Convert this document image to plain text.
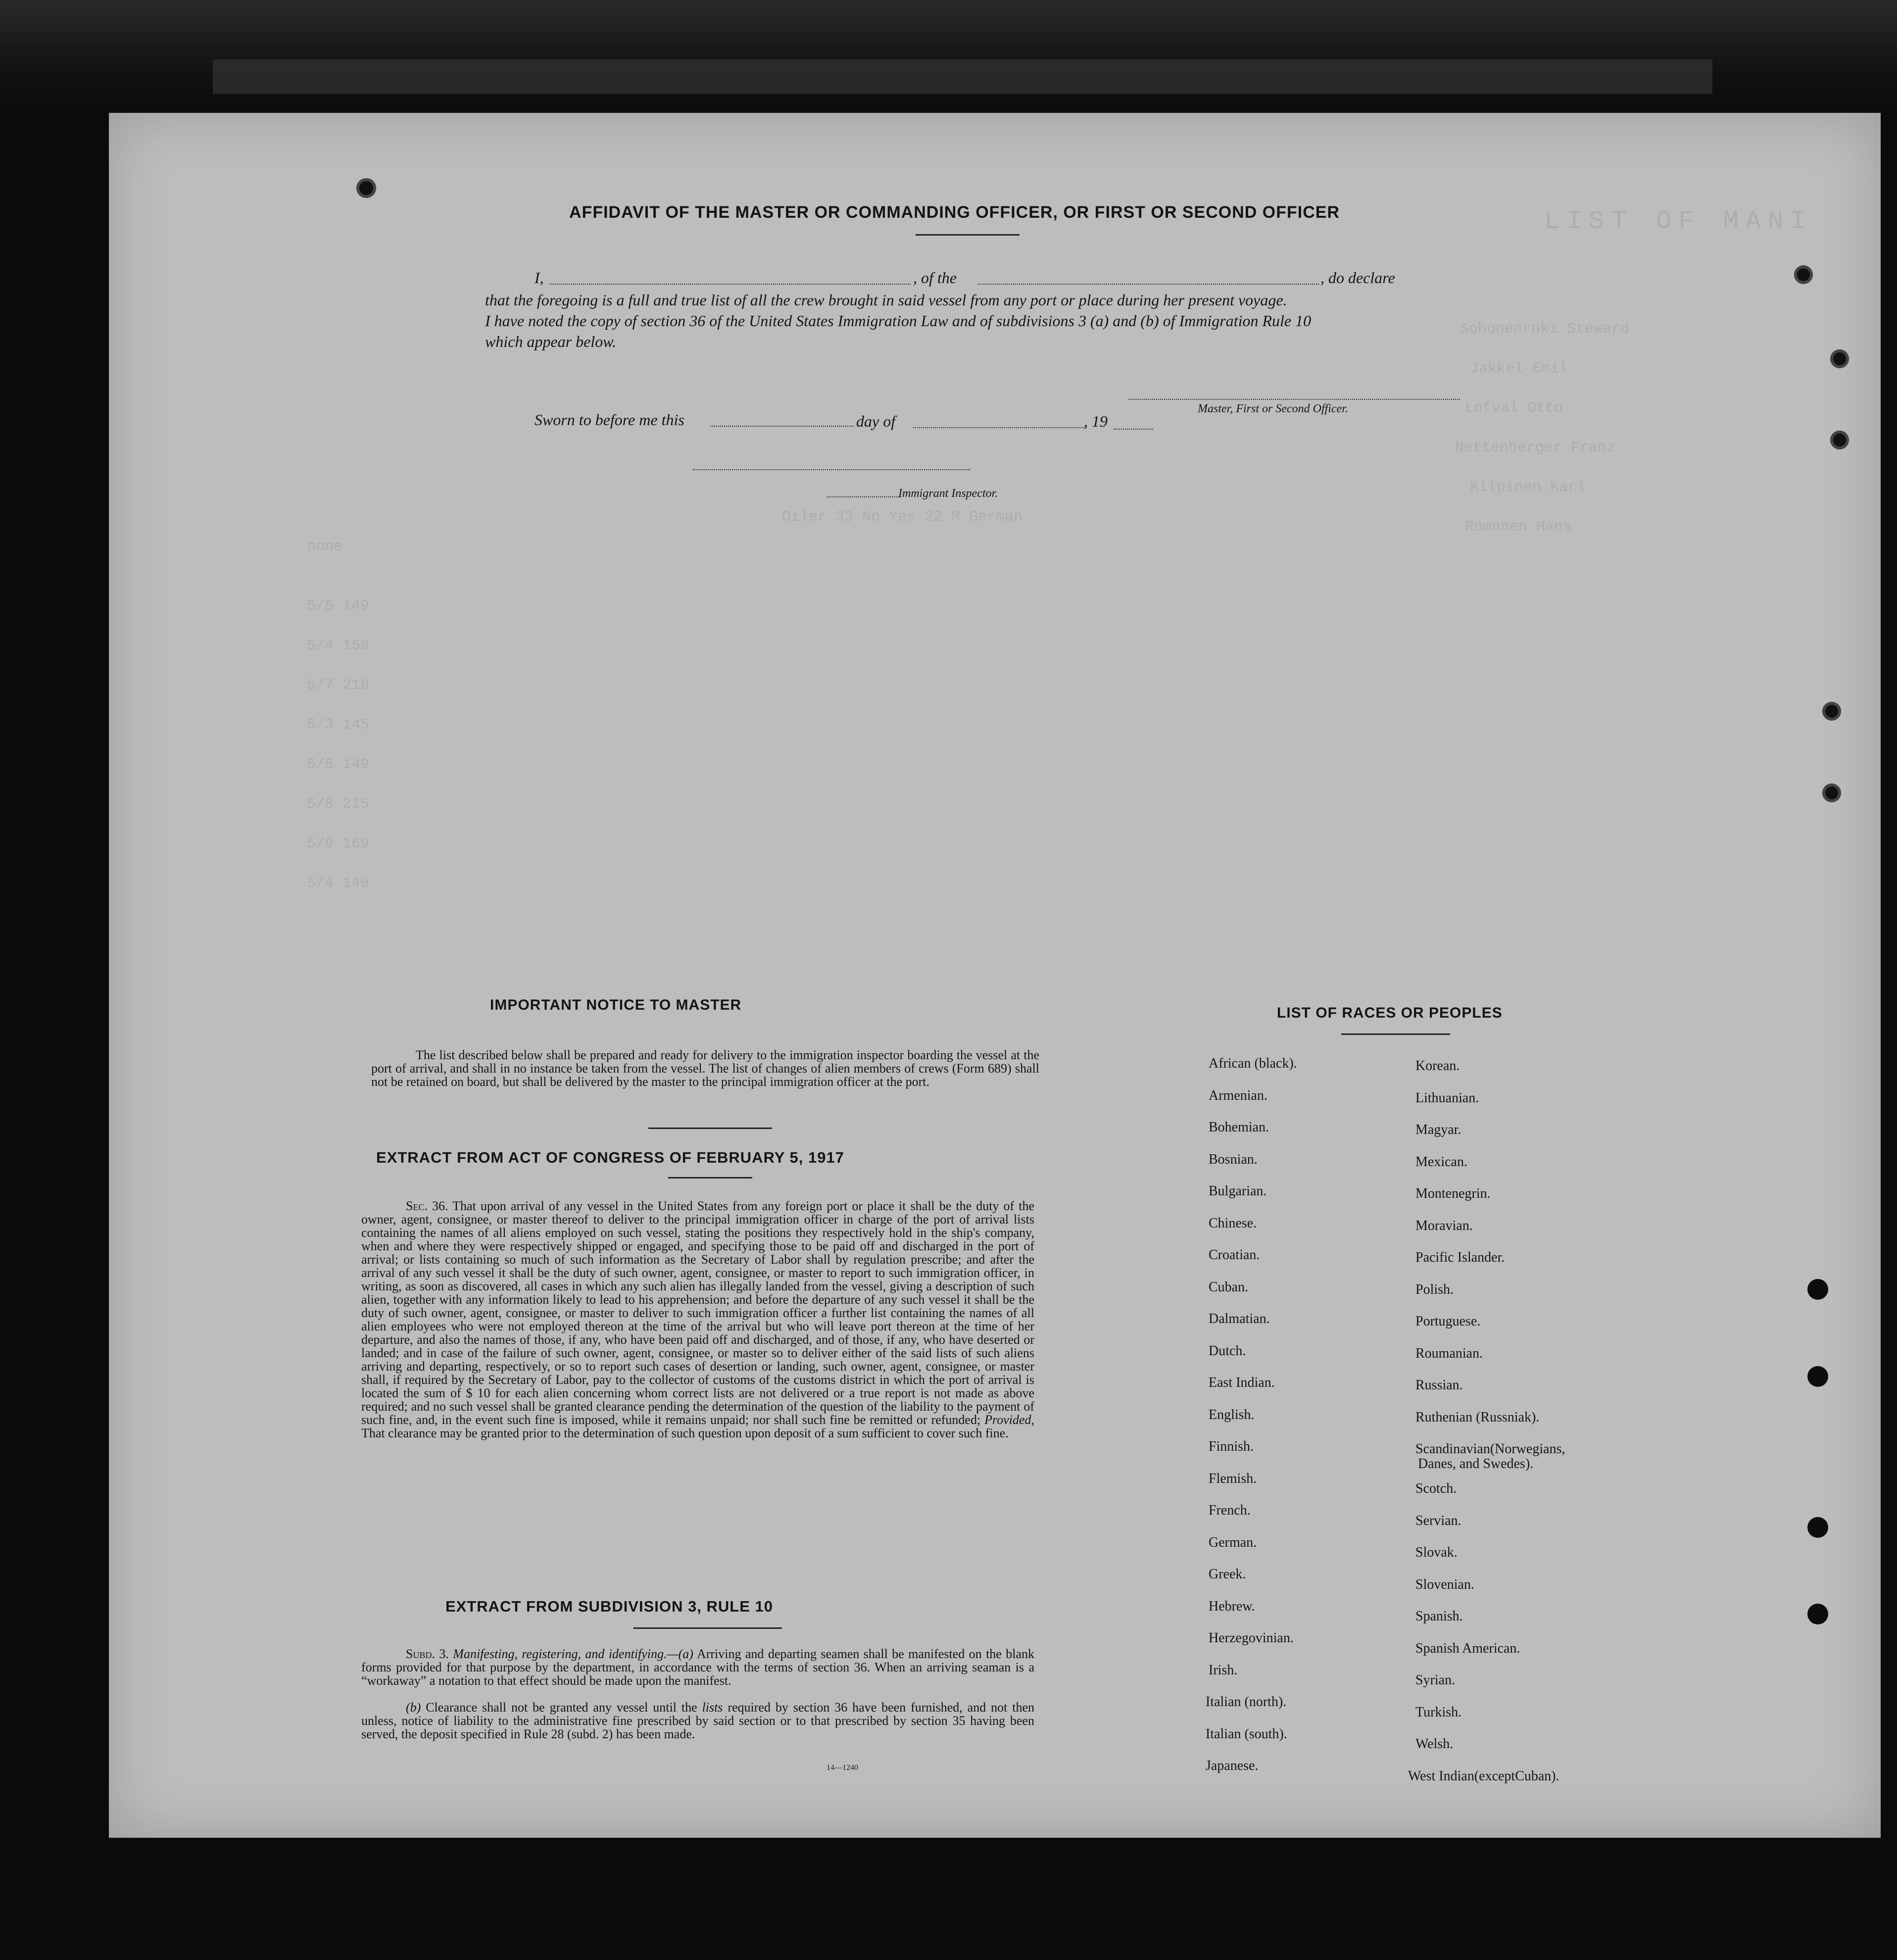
LIST OF MANI
Sohonenrnki Steward
Jakkel Emil
Lofval Otto
Nettenberger Franz
Kilpinen Karl
Romnnen Hans
none
Oiler 33 No Yes 22 M German
5/5 149
5/4 150
5/7 218
5/3 145
5/5 149
5/8 215
5/9 169
5/4 140
AFFIDAVIT OF THE MASTER OR COMMANDING OFFICER, OR FIRST OR SECOND OFFICER
I,	, of the	, do declare
that the foregoing is a full and true list of all the crew brought in said vessel from any port or place during her present voyage.
I have noted the copy of section 36 of the United States Immigration Law and of subdivisions 3 (a) and (b) of Immigration Rule 10
which appear below.
Master, First or Second Officer.
Sworn to before me this	day of	, 19
Immigrant Inspector.
IMPORTANT NOTICE TO MASTER
The list described below shall be prepared and ready for delivery to the immigration inspector boarding the vessel at the port of arrival, and shall in no instance be taken from the vessel. The list of changes of alien members of crews (Form 689) shall not be retained on board, but shall be delivered by the master to the principal immigration officer at the port.
EXTRACT FROM ACT OF CONGRESS OF FEBRUARY 5, 1917
Sec. 36. That upon arrival of any vessel in the United States from any foreign port or place it shall be the duty of the owner, agent, consignee, or master thereof to deliver to the principal immigration officer in charge of the port of arrival lists containing the names of all aliens employed on such vessel, stating the positions they respectively hold in the ship's company, when and where they were respectively shipped or engaged, and specifying those to be paid off and discharged in the port of arrival; or lists containing so much of such information as the Secretary of Labor shall by regulation prescribe; and after the arrival of any such vessel it shall be the duty of such owner, agent, consignee, or master to report to such immigration officer, in writing, as soon as discovered, all cases in which any such alien has illegally landed from the vessel, giving a description of such alien, together with any information likely to lead to his apprehension; and before the departure of any such vessel it shall be the duty of such owner, agent, consignee, or master to deliver to such immigration officer a further list containing the names of all alien employees who were not employed thereon at the time of the arrival but who will leave port thereon at the time of her departure, and also the names of those, if any, who have been paid off and discharged, and of those, if any, who have deserted or landed; and in case of the failure of such owner, agent, consignee, or master so to deliver either of the said lists of such aliens arriving and departing, respectively, or so to report such cases of desertion or landing, such owner, agent, consignee, or master shall, if required by the Secretary of Labor, pay to the collector of customs of the customs district in which the port of arrival is located the sum of $ 10 for each alien concerning whom correct lists are not delivered or a true report is not made as above required; and no such vessel shall be granted clearance pending the determination of the question of the liability to the payment of such fine, and, in the event such fine is imposed, while it remains unpaid; nor shall such fine be remitted or refunded; Provided, That clearance may be granted prior to the determination of such question upon deposit of a sum sufficient to cover such fine.
EXTRACT FROM SUBDIVISION 3, RULE 10
Subd. 3. Manifesting, registering, and identifying.—(a) Arriving and departing seamen shall be manifested on the blank forms provided for that purpose by the department, in accordance with the terms of section 36. When an arriving seaman is a “workaway” a notation to that effect should be made upon the manifest.
(b) Clearance shall not be granted any vessel until the lists required by section 36 have been furnished, and not then unless, notice of liability to the administrative fine prescribed by said section or to that prescribed by section 35 having been served, the deposit specified in Rule 28 (subd. 2) has been made.
14—1240
LIST OF RACES OR PEOPLES
African (black).
Armenian.
Bohemian.
Bosnian.
Bulgarian.
Chinese.
Croatian.
Cuban.
Dalmatian.
Dutch.
East Indian.
English.
Finnish.
Flemish.
French.
German.
Greek.
Hebrew.
Herzegovinian.
Irish.
Italian (north).
Italian (south).
Japanese.
Korean.
Lithuanian.
Magyar.
Mexican.
Montenegrin.
Moravian.
Pacific Islander.
Polish.
Portuguese.
Roumanian.
Russian.
Ruthenian (Russniak).
Scandinavian(Norwegians,
Danes, and Swedes).
Scotch.
Servian.
Slovak.
Slovenian.
Spanish.
Spanish American.
Syrian.
Turkish.
Welsh.
West Indian(exceptCuban).
